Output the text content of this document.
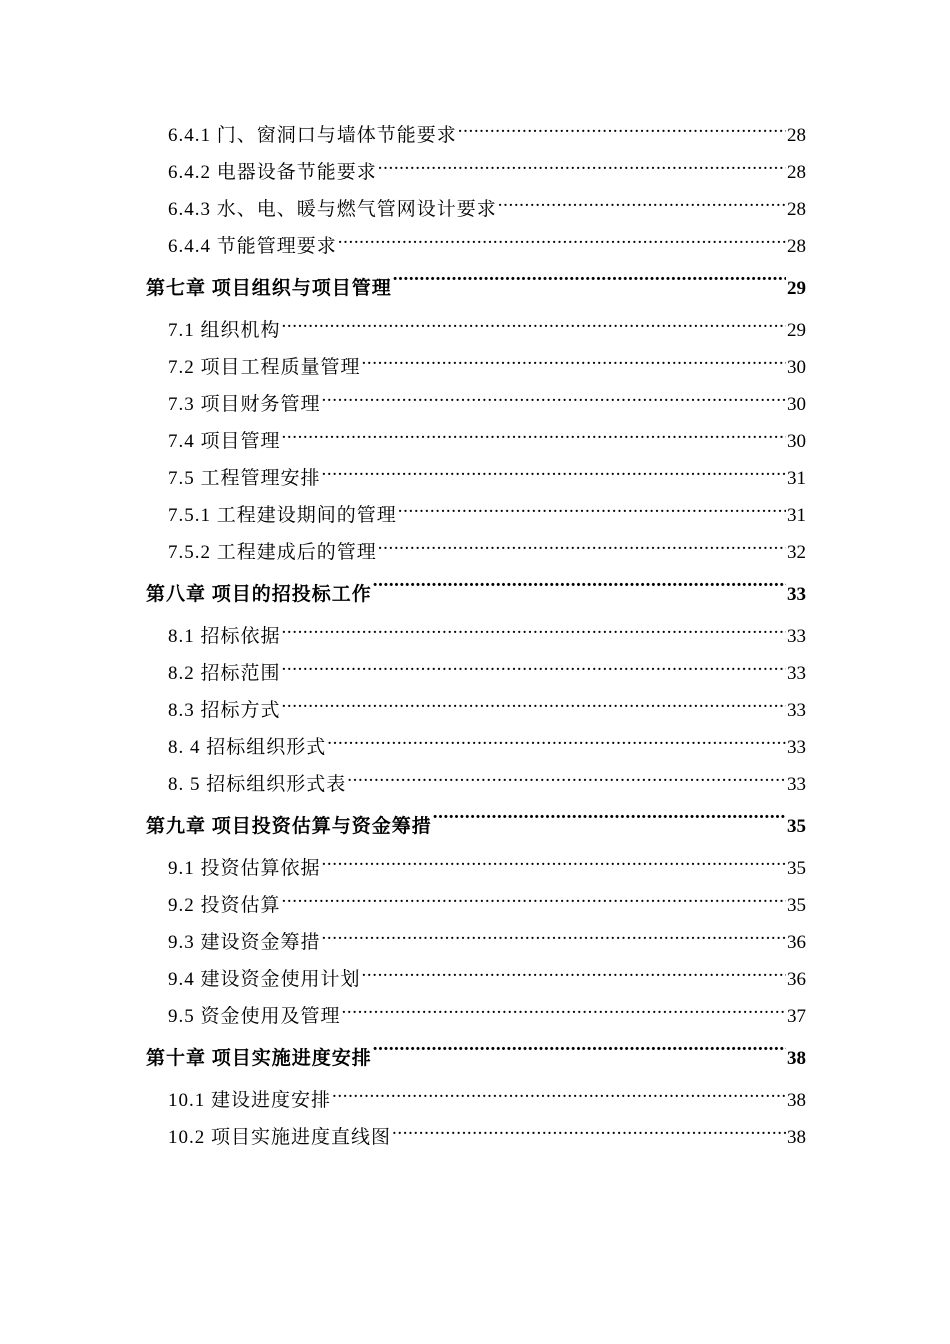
6.4.1 门、窗洞口与墙体节能要求 .....	28
6.4.2 电器设备节能要求 .....	28
6.4.3 水、电、暖与燃气管网设计要求 .....	28
6.4.4 节能管理要求 .....	28
第七章 项目组织与项目管理 .....	29
7.1 组织机构 .....	29
7.2 项目工程质量管理 .....	30
7.3 项目财务管理 .....	30
7.4 项目管理 .....	30
7.5 工程管理安排 .....	31
7.5.1 工程建设期间的管理 .....	31
7.5.2 工程建成后的管理 .....	32
第八章 项目的招投标工作 .....	33
8.1 招标依据 .....	33
8.2 招标范围 .....	33
8.3 招标方式 .....	33
8. 4 招标组织形式 .....	33
8. 5 招标组织形式表 .....	33
第九章 项目投资估算与资金筹措 .....	35
9.1 投资估算依据 .....	35
9.2 投资估算 .....	35
9.3 建设资金筹措 .....	36
9.4 建设资金使用计划 .....	36
9.5 资金使用及管理 .....	37
第十章 项目实施进度安排 .....	38
10.1 建设进度安排 .....	38
10.2 项目实施进度直线图 .....	38
